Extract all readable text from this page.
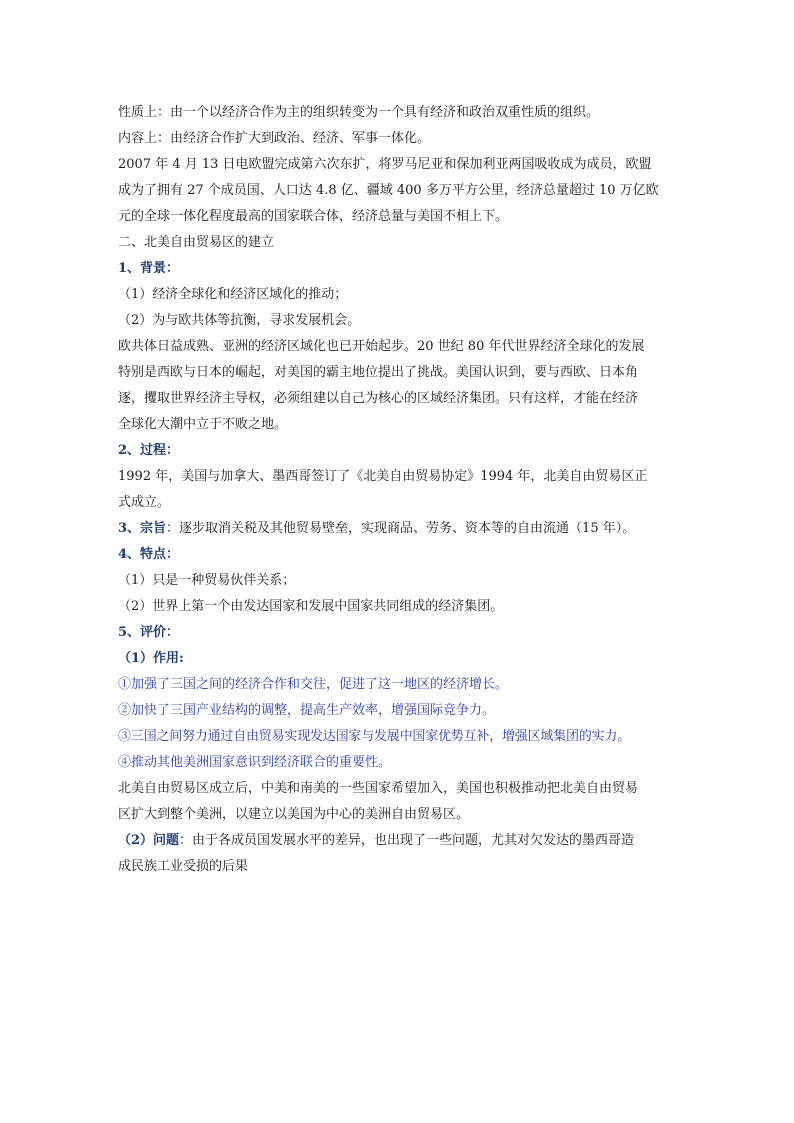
性质上：由一个以经济合作为主的组织转变为一个具有经济和政治双重性质的组织。
内容上：由经济合作扩大到政治、经济、军事一体化。
2007 年 4 月 13 日电欧盟完成第六次东扩，将罗马尼亚和保加利亚两国吸收成为成员，欧盟
成为了拥有 27 个成员国、人口达 4.8 亿、疆域 400 多万平方公里，经济总量超过 10 万亿欧
元的全球一体化程度最高的国家联合体，经济总量与美国不相上下。
二、北美自由贸易区的建立
1、背景：
（1）经济全球化和经济区域化的推动；
（2）为与欧共体等抗衡，寻求发展机会。
欧共体日益成熟、亚洲的经济区域化也已开始起步。20 世纪 80 年代世界经济全球化的发展
特别是西欧与日本的崛起，对美国的霸主地位提出了挑战。美国认识到，要与西欧、日本角
逐，攫取世界经济主导权，必须组建以自己为核心的区域经济集团。只有这样，才能在经济
全球化大潮中立于不败之地。
2、过程：
1992 年，美国与加拿大、墨西哥签订了《北美自由贸易协定》1994 年，北美自由贸易区正
式成立。
3、宗旨：逐步取消关税及其他贸易壁垒，实现商品、劳务、资本等的自由流通（15 年）。
4、特点：
（1）只是一种贸易伙伴关系；
（2）世界上第一个由发达国家和发展中国家共同组成的经济集团。
5、评价：
（1）作用:
①加强了三国之间的经济合作和交往，促进了这一地区的经济增长。
②加快了三国产业结构的调整，提高生产效率，增强国际竞争力。
③三国之间努力通过自由贸易实现发达国家与发展中国家优势互补，增强区域集团的实力。
④推动其他美洲国家意识到经济联合的重要性。
北美自由贸易区成立后，中美和南美的一些国家希望加入，美国也积极推动把北美自由贸易
区扩大到整个美洲，以建立以美国为中心的美洲自由贸易区。
（2）问题：由于各成员国发展水平的差异，也出现了一些问题，尤其对欠发达的墨西哥造
成民族工业受损的后果
